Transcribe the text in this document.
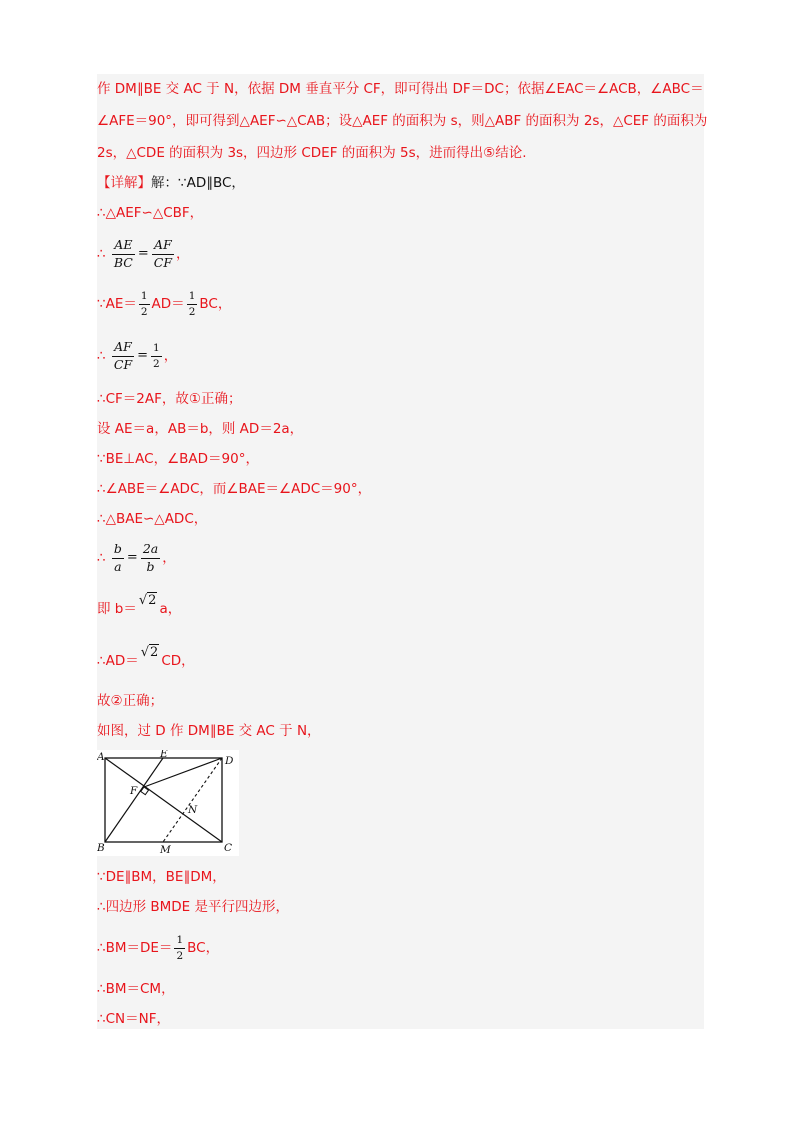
作 DM∥BE 交 AC 于 N，依据 DM 垂直平分 CF，即可得出 DF＝DC；依据∠EAC＝∠ACB，∠ABC＝
∠AFE＝90°，即可得到△AEF∽△CAB；设△AEF 的面积为 s，则△ABF 的面积为 2s，△CEF 的面积为
2s，△CDE 的面积为 3s，四边形 CDEF 的面积为 5s，进而得出⑤结论.
【详解】解：∵AD∥BC，
∴△AEF∽△CBF，
∴ $\frac{AE}{BC} = \frac{AF}{CF}$ ，
∵AE＝ $\frac{1}{2} AD= \frac{1}{2}$ BC，
∴ $\frac{AF}{CF} = \frac{1}{2}$ ，
∴CF＝2AF，故①正确；
设 AE＝a，AB＝b，则 AD＝2a，
∵BE⊥AC，∠BAD＝90°，
∴∠ABE＝∠ADC，而∠BAE＝∠ADC＝90°，
∴△BAE∽△ADC，
∴ $\frac{b}{a} = \frac{2a}{b}$ ，
即 b＝√2a，
∴AD＝√2CD，
故②正确；
如图，过 D 作 DM∥BE 交 AC 于 N，
A	E
D
F
N
B	M	C
∵DE∥BM，BE∥DM，
∴四边形 BMDE 是平行四边形，
∴BM＝DE＝ $\frac{1}{2}$ BC，
∴BM＝CM，
∴CN＝NF，
